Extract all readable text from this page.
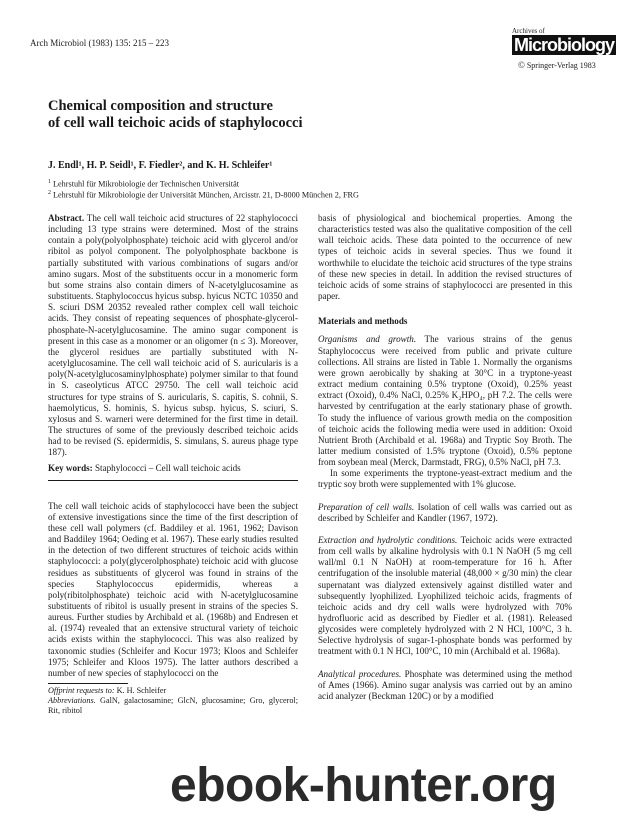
Arch Microbiol (1983) 135: 215 – 223
Archives of
Microbiology
© Springer-Verlag 1983
Chemical composition and structure
of cell wall teichoic acids of staphylococci
J. Endl¹, H. P. Seidl¹, F. Fiedler², and K. H. Schleifer¹
$^1$ Lehrstuhl für Mikrobiologie der Technischen Universität
$^2$ Lehrstuhl für Mikrobiologie der Universität München, Arcisstr. 21, D-8000 München 2, FRG

Abstract. The cell wall teichoic acid structures of 22 staphylococci including 13 type strains were determined. Most of the strains contain a poly(polyolphosphate) teichoic acid with glycerol and/or ribitol as polyol component. The polyolphosphate backbone is partially substituted with various combinations of sugars and/or amino sugars. Most of the substituents occur in a monomeric form but some strains also contain dimers of N-acetylglucosamine as substituents. Staphylococcus hyicus subsp. hyicus NCTC 10350 and S. sciuri DSM 20352 revealed rather complex cell wall teichoic acids. They consist of repeating sequences of phosphate-glycerol-phosphate-N-acetylglucosamine. The amino sugar component is present in this case as a monomer or an oligomer (n ≤ 3). Moreover, the glycerol residues are partially substituted with N-acetylglucosamine. The cell wall teichoic acid of S. auricularis is a poly(N-acetylglucosaminylphosphate) polymer similar to that found in S. caseolyticus ATCC 29750. The cell wall teichoic acid structures for type strains of S. auricularis, S. capitis, S. cohnii, S. haemolyticus, S. hominis, S. hyicus subsp. hyicus, S. sciuri, S. xylosus and S. warneri were determined for the first time in detail. The structures of some of the previously described teichoic acids had to be revised (S. epidermidis, S. simulans, S. aureus phage type 187).

Key words: Staphylococci – Cell wall teichoic acids

The cell wall teichoic acids of staphylococci have been the subject of extensive investigations since the time of the first description of these cell wall polymers (cf. Baddiley et al. 1961, 1962; Davison and Baddiley 1964; Oeding et al. 1967). These early studies resulted in the detection of two different structures of teichoic acids within staphylococci: a poly(glycerolphosphate) teichoic acid with glucose residues as substituents of glycerol was found in strains of the species Staphylococcus epidermidis, whereas a poly(ribitolphosphate) teichoic acid with N-acetylglucosamine substituents of ribitol is usually present in strains of the species S. aureus. Further studies by Archibald et al. (1968b) and Endresen et al. (1974) revealed that an extensive structural variety of teichoic acids exists within the staphylococci. This was also realized by taxonomic studies (Schleifer and Kocur 1973; Kloos and Schleifer 1975; Schleifer and Kloos 1975). The latter authors described a number of new species of staphylococci on the

Offprint requests to: K. H. Schleifer

Abbreviations. GalN, galactosamine; GlcN, glucosamine; Gro, glycerol; Rit, ribitol

basis of physiological and biochemical properties. Among the characteristics tested was also the qualitative composition of the cell wall teichoic acids. These data pointed to the occurrence of new types of teichoic acids in several species. Thus we found it worthwhile to elucidate the teichoic acid structures of the type strains of these new species in detail. In addition the revised structures of teichoic acids of some strains of staphylococci are presented in this paper.

Materials and methods

Organisms and growth. The various strains of the genus Staphylococcus were received from public and private culture collections. All strains are listed in Table 1. Normally the organisms were grown aerobically by shaking at 30°C in a tryptone-yeast extract medium containing 0.5% tryptone (Oxoid), 0.25% yeast extract (Oxoid), 0.4% NaCl, 0.25% K₂HPO₄, pH 7.2. The cells were harvested by centrifugation at the early stationary phase of growth. To study the influence of various growth media on the composition of teichoic acids the following media were used in addition: Oxoid Nutrient Broth (Archibald et al. 1968a) and Tryptic Soy Broth. The latter medium consisted of 1.5% tryptone (Oxoid), 0.5% peptone from soybean meal (Merck, Darmstadt, FRG), 0.5% NaCl, pH 7.3.

In some experiments the tryptone-yeast-extract medium and the tryptic soy broth were supplemented with 1% glucose.

Preparation of cell walls. Isolation of cell walls was carried out as described by Schleifer and Kandler (1967, 1972).

Extraction and hydrolytic conditions. Teichoic acids were extracted from cell walls by alkaline hydrolysis with 0.1 N NaOH (5 mg cell wall/ml 0.1 N NaOH) at room-temperature for 16 h. After centrifugation of the insoluble material (48,000 × g/30 min) the clear supernatant was dialyzed extensively against distilled water and subsequently lyophilized. Lyophilized teichoic acids, fragments of teichoic acids and dry cell walls were hydrolyzed with 70% hydrofluoric acid as described by Fiedler et al. (1981). Released glycosides were completely hydrolyzed with 2 N HCl, 100°C, 3 h. Selective hydrolysis of sugar-1-phosphate bonds was performed by treatment with 0.1 N HCl, 100°C, 10 min (Archibald et al. 1968a).

Analytical procedures. Phosphate was determined using the method of Ames (1966). Amino sugar analysis was carried out by an amino acid analyzer (Beckman 120C) or by a modified

ebook-hunter.org
